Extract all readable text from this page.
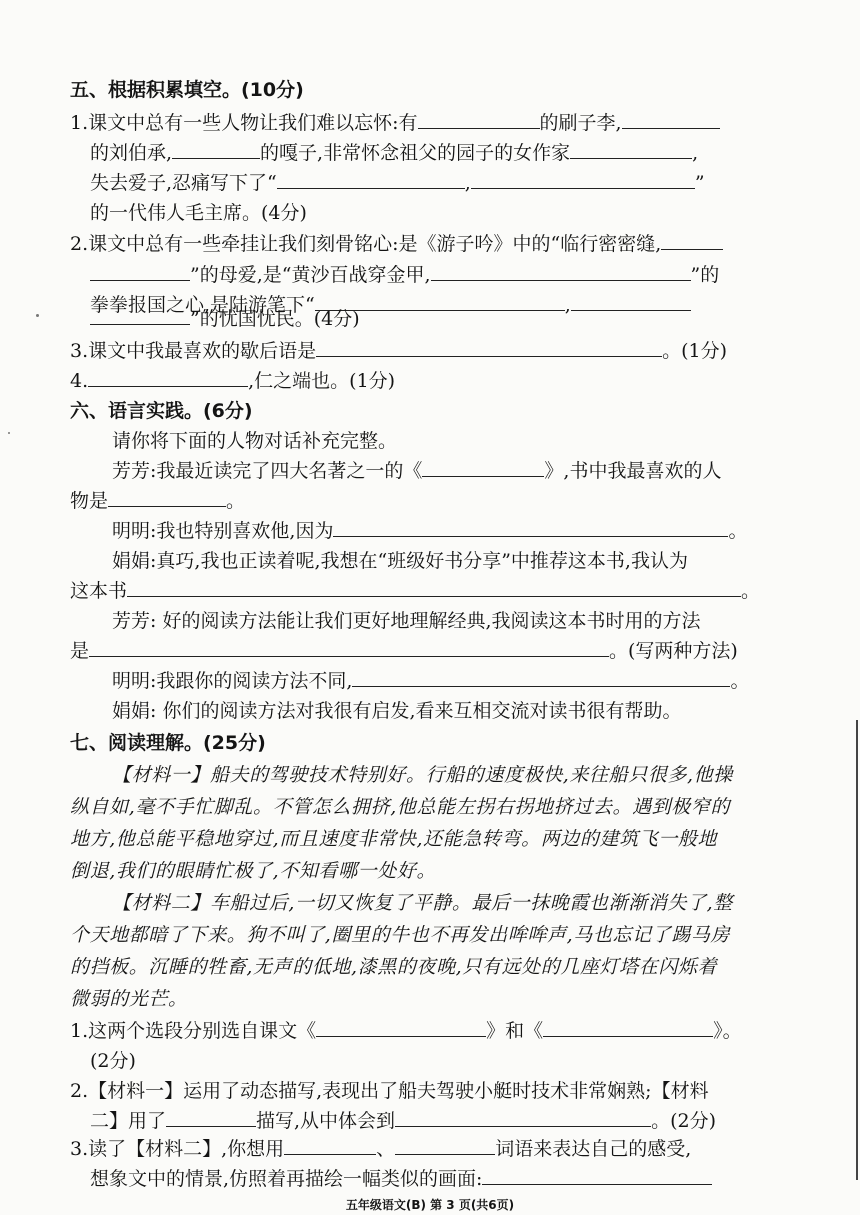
五、根据积累填空。(10分)
1.课文中总有一些人物让我们难以忘怀:有	的刷子李,
的刘伯承,	的嘎子,非常怀念祖父的园子的女作家	,
失去爱子,忍痛写下了“	,	”
的一代伟人毛主席。(4分)
2.课文中总有一些牵挂让我们刻骨铭心:是《游子吟》中的“临行密密缝,
”的母爱,是“黄沙百战穿金甲,	”的
拳拳报国之心,是陆游笔下“	,
”的忧国忧民。(4分)
3.课文中我最喜欢的歇后语是	。(1分)
4.	,仁之端也。(1分)
六、语言实践。(6分)
请你将下面的人物对话补充完整。
芳芳:我最近读完了四大名著之一的《	》,书中我最喜欢的人
物是	。
明明:我也特别喜欢他,因为	。
娟娟:真巧,我也正读着呢,我想在“班级好书分享”中推荐这本书,我认为
这本书	。
芳芳: 好的阅读方法能让我们更好地理解经典,我阅读这本书时用的方法
是	。(写两种方法)
明明:我跟你的阅读方法不同,	。
娟娟: 你们的阅读方法对我很有启发,看来互相交流对读书很有帮助。
七、阅读理解。(25分)
【材料一】船夫的驾驶技术特别好。行船的速度极快,来往船只很多,他操
纵自如,毫不手忙脚乱。不管怎么拥挤,他总能左拐右拐地挤过去。遇到极窄的
地方,他总能平稳地穿过,而且速度非常快,还能急转弯。两边的建筑飞一般地
倒退,我们的眼睛忙极了,不知看哪一处好。
【材料二】车船过后,一切又恢复了平静。最后一抹晚霞也渐渐消失了,整
个天地都暗了下来。狗不叫了,圈里的牛也不再发出哞哞声,马也忘记了踢马房
的挡板。沉睡的牲畜,无声的低地,漆黑的夜晚,只有远处的几座灯塔在闪烁着
微弱的光芒。
1.这两个选段分别选自课文《	》和《	》。
(2分)
2.【材料一】运用了动态描写,表现出了船夫驾驶小艇时技术非常娴熟;【材料
二】用了	描写,从中体会到	。(2分)
五年级语文(B) 第 3 页(共6页)
3.读了【材料二】,你想用	、	词语来表达自己的感受,
想象文中的情景,仿照着再描绘一幅类似的画面:
